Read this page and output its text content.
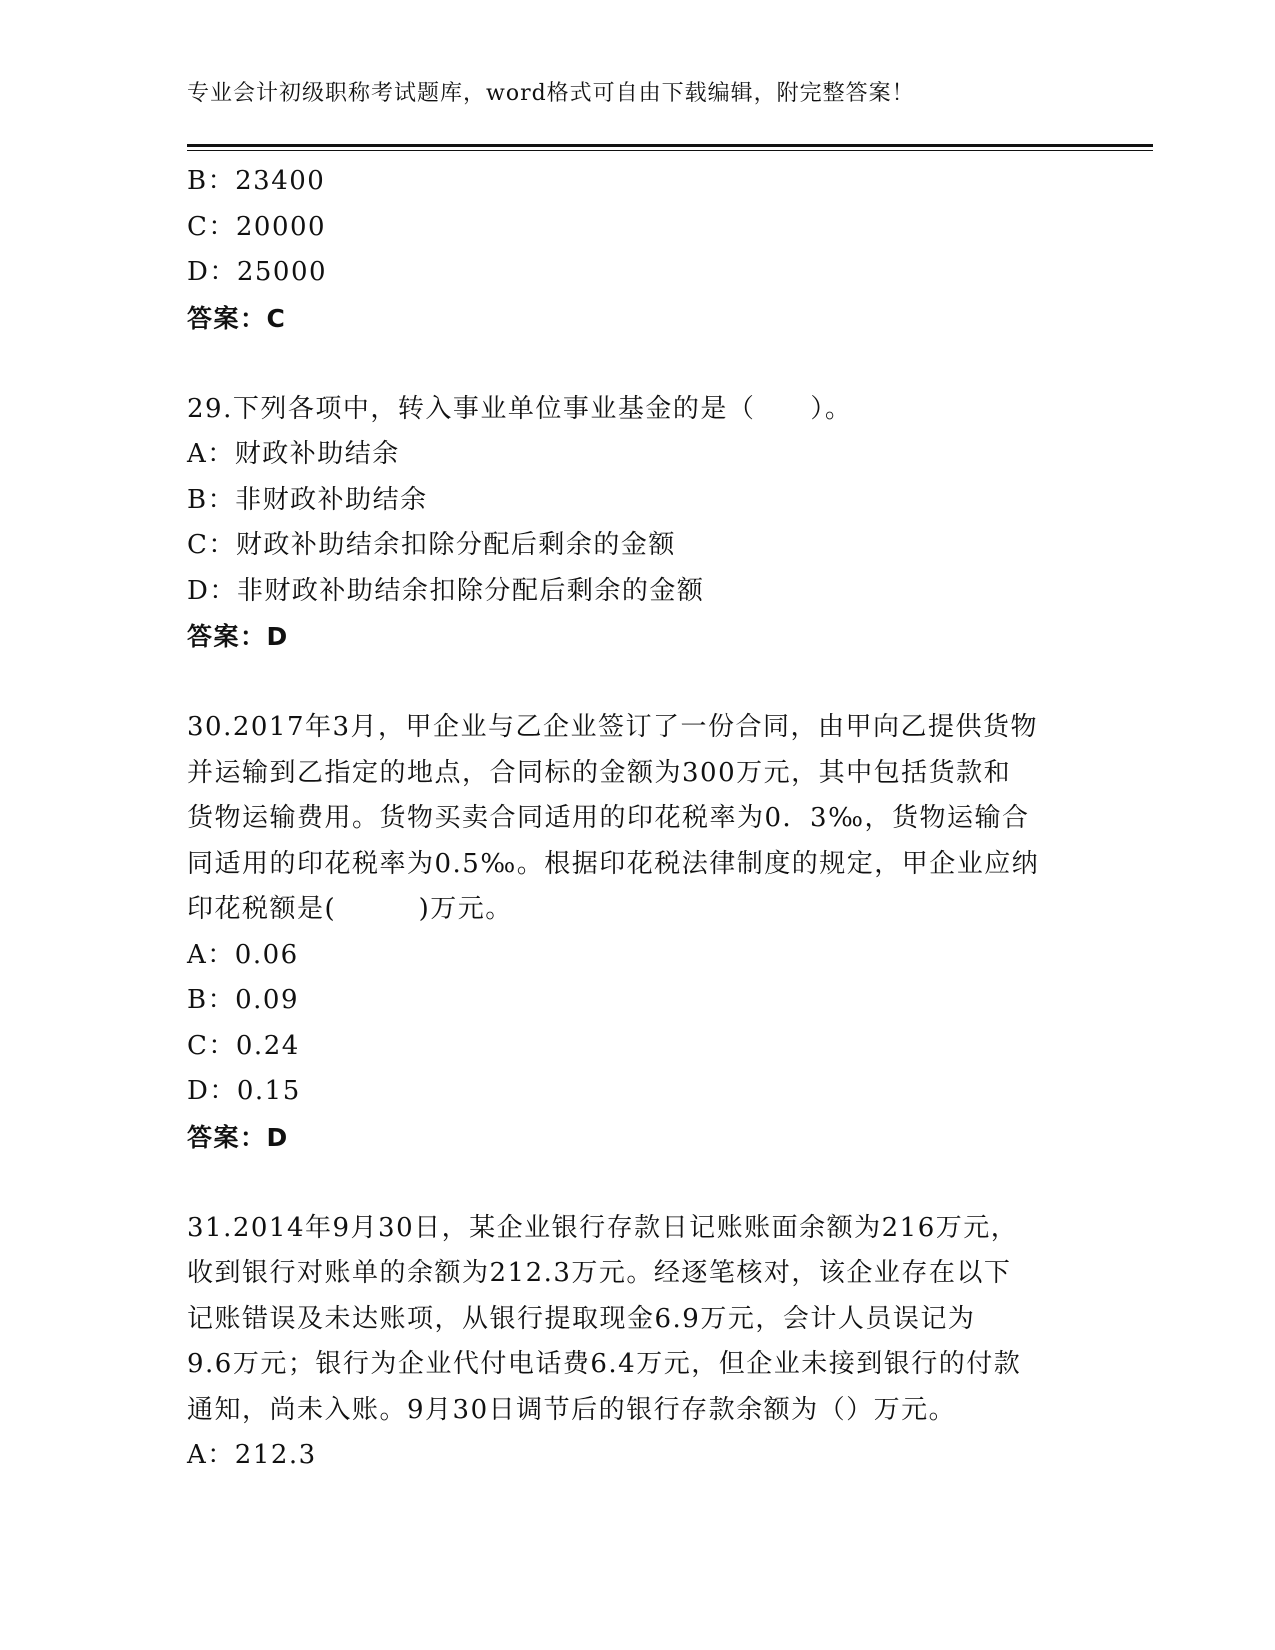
专业会计初级职称考试题库，word格式可自由下载编辑，附完整答案！
B：23400
C：20000
D：25000
答案：C
29.下列各项中，转入事业单位事业基金的是（　　）。
A：财政补助结余
B：非财政补助结余
C：财政补助结余扣除分配后剩余的金额
D：非财政补助结余扣除分配后剩余的金额
答案：D
30.2017年3月，甲企业与乙企业签订了一份合同，由甲向乙提供货物
并运输到乙指定的地点，合同标的金额为300万元，其中包括货款和
货物运输费用。货物买卖合同适用的印花税率为0．3‰，货物运输合
同适用的印花税率为0.5‰。根据印花税法律制度的规定，甲企业应纳
印花税额是(　　　)万元。
A：0.06
B：0.09
C：0.24
D：0.15
答案：D
31.2014年9月30日，某企业银行存款日记账账面余额为216万元，
收到银行对账单的余额为212.3万元。经逐笔核对，该企业存在以下
记账错误及未达账项，从银行提取现金6.9万元，会计人员误记为
9.6万元；银行为企业代付电话费6.4万元，但企业未接到银行的付款
通知，尚未入账。9月30日调节后的银行存款余额为（）万元。
A：212.3
